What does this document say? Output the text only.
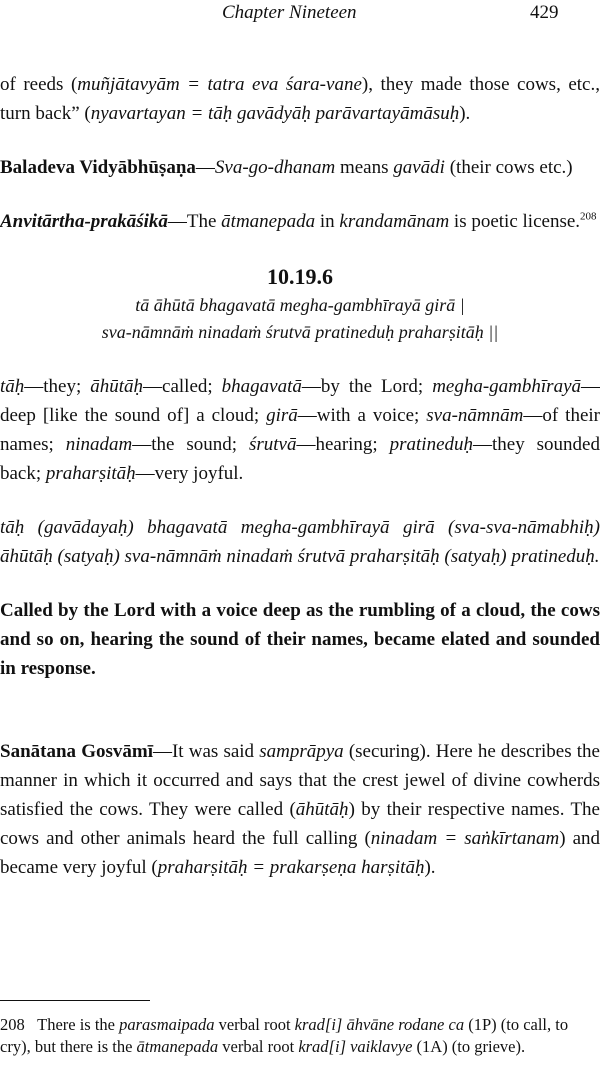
Chapter Nineteen	429

of reeds (muñjātavyām = tatra eva śara-vane), they made those cows, etc., turn back” (nyavartayan = tāḥ gavādyāḥ parāvartayāmāsuḥ).

Baladeva Vidyābhūṣaṇa—Sva-go-dhanam means gavādi (their cows etc.)

Anvitārtha-prakāśikā—The ātmanepada in krandamānam is poetic license.$^{208}$

10.19.6
tā āhūtā bhagavatā megha-gambhīrayā girā |
sva-nāmnāṁ ninadaṁ śrutvā pratineduḥ praharṣitāḥ ||

tāḥ—they; āhūtāḥ—called; bhagavatā—by the Lord; megha-gambhīrayā—deep [like the sound of] a cloud; girā—with a voice; sva-nāmnām—of their names; ninadam—the sound; śrutvā—hearing; pratineduḥ—they sounded back; praharṣitāḥ—very joyful.

tāḥ (gavādayaḥ) bhagavatā megha-gambhīrayā girā (sva-sva-nāmabhiḥ) āhūtāḥ (satyaḥ) sva-nāmnāṁ ninadaṁ śrutvā praharṣitāḥ (satyaḥ) pratineduḥ.

Called by the Lord with a voice deep as the rumbling of a cloud, the cows and so on, hearing the sound of their names, became elated and sounded in response.

Sanātana Gosvāmī—It was said samprāpya (securing). Here he describes the manner in which it occurred and says that the crest jewel of divine cowherds satisfied the cows. They were called (āhūtāḥ) by their respective names. The cows and other animals heard the full calling (ninadam = saṅkīrtanam) and became very joyful (praharṣitāḥ = prakarṣeṇa harṣitāḥ).

208 There is the parasmaipada verbal root krad[i] āhvāne rodane ca (1P) (to call, to cry), but there is the ātmanepada verbal root krad[i] vaiklavye (1A) (to grieve).
